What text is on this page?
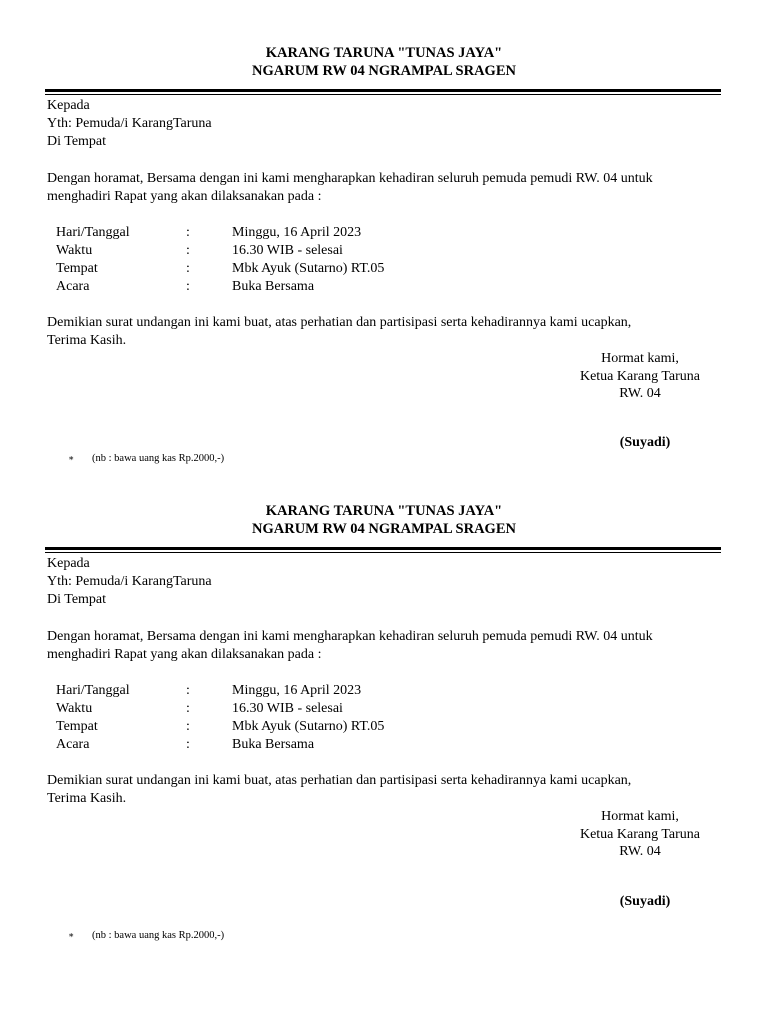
KARANG TARUNA "TUNAS JAYA"
NGARUM RW 04 NGRAMPAL SRAGEN
Kepada
Yth: Pemuda/i KarangTaruna
Di Tempat
Dengan horamat, Bersama dengan ini kami mengharapkan kehadiran seluruh pemuda pemudi RW. 04 untuk
menghadiri Rapat yang akan dilaksanakan pada :
Hari/Tanggal	:	Minggu, 16 April 2023
Waktu	:	16.30 WIB - selesai
Tempat	:	Mbk Ayuk (Sutarno) RT.05
Acara	:	Buka Bersama
Demikian surat undangan ini kami buat, atas perhatian dan partisipasi serta kehadirannya kami ucapkan,
Terima Kasih.
Hormat kami,
Ketua Karang Taruna
RW. 04
(Suyadi)
∗ (nb : bawa uang kas Rp.2000,-)
KARANG TARUNA "TUNAS JAYA"
NGARUM RW 04 NGRAMPAL SRAGEN
Kepada
Yth: Pemuda/i KarangTaruna
Di Tempat
Dengan horamat, Bersama dengan ini kami mengharapkan kehadiran seluruh pemuda pemudi RW. 04 untuk
menghadiri Rapat yang akan dilaksanakan pada :
Hari/Tanggal	:	Minggu, 16 April 2023
Waktu	:	16.30 WIB - selesai
Tempat	:	Mbk Ayuk (Sutarno) RT.05
Acara	:	Buka Bersama
Demikian surat undangan ini kami buat, atas perhatian dan partisipasi serta kehadirannya kami ucapkan,
Terima Kasih.
Hormat kami,
Ketua Karang Taruna
RW. 04
(Suyadi)
∗ (nb : bawa uang kas Rp.2000,-)
